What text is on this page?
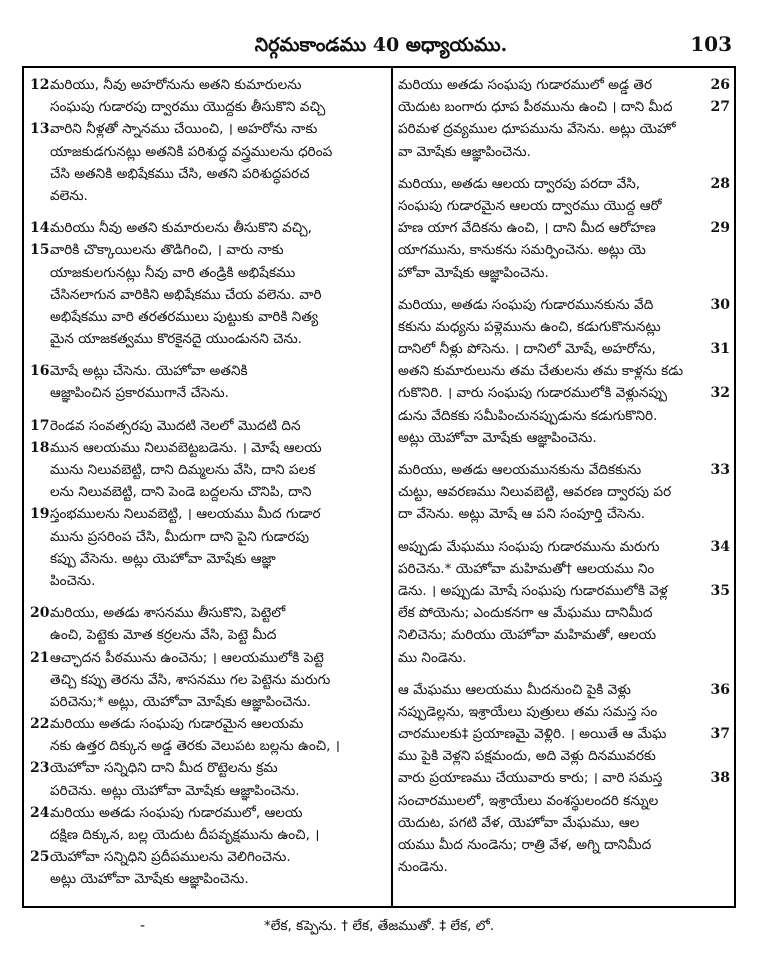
నిర్గమకాండము 40 అధ్యాయము.	103
12 మరియు, నీవు అహరోనును అతని కుమారులను
సంఘపు గుడారపు ద్వారము యొద్దకు తీసుకొని వచ్చి
13 వారిని నీళ్లతో స్నానము చేయించి, । అహరోను నాకు
యాజకుడగునట్లు అతనికి పరిశుద్ధ వస్త్రములను ధరింప
చేసి అతనికి అభిషేకము చేసి, అతని పరిశుద్ధపరచ
వలెను.
14 మరియు నీవు అతని కుమారులను తీసుకొని వచ్చి,
15 వారికి చొక్కాయిలను తొడిగించి, । వారు నాకు
యాజకులగునట్లు నీవు వారి తండ్రికి అభిషేకము
చేసినలాగున వారికిని అభిషేకము చేయ వలెను. వారి
అభిషేకము వారి తరతరములు పుట్టుకు వారికి నిత్య
మైన యాజకత్వము కొరకైనదై యుండునని చెను.
16 మోషే అట్లు చేసెను. యెహోవా అతనికి
ఆజ్ఞాపించిన ప్రకారముగానే చేసెను.
17 రెండవ సంవత్సరపు మొదటి నెలలో మొదటి దిన
18 మున ఆలయము నిలువబెట్టబడెను. । మోషే ఆలయ
మును నిలువబెట్టి, దాని దిమ్మలను వేసి, దాని పలక
లను నిలువబెట్టి, దాని పెండె బద్దలను చొనిపి, దాని
19 స్తంభములను నిలువబెట్టి, । ఆలయము మీద గుడార
మును ప్రసరింప చేసి, మీదుగా దాని పైని గుడారపు
కప్పు వేసెను. అట్లు యెహోవా మోషేకు ఆజ్ఞా
పించెను.
20 మరియు, అతడు శాసనము తీసుకొని, పెట్టెలో
ఉంచి, పెట్టెకు మోత కర్రలను వేసి, పెట్టె మీద
21 ఆచ్ఛాదన పీఠమును ఉంచెను; । ఆలయములోకి పెట్టె
తెచ్చి కప్పు తెరను వేసి, శాసనము గల పెట్టెను మరుగు
పరిచెను;* అట్లు, యెహోవా మోషేకు ఆజ్ఞాపించెను.
22 మరియు అతడు సంఘపు గుడారమైన ఆలయమ
నకు ఉత్తర దిక్కున అడ్డ తెరకు వెలుపట బల్లను ఉంచి, ।
23 యెహోవా సన్నిధిని దాని మీద రొట్టెలను క్రమ
పరిచెను. అట్లు యెహోవా మోషేకు ఆజ్ఞాపించెను.
24 మరియు అతడు సంఘపు గుడారములో, ఆలయ
దక్షిణ దిక్కున, బల్ల యెదుట దీపవృక్షమును ఉంచి, ।
25 యెహోవా సన్నిధిని ప్రదీపములను వెలిగించెను.
అట్లు యెహోవా మోషేకు ఆజ్ఞాపించెను.
26
మరియు అతడు సంఘపు గుడారములో అడ్డ తెర
27
యెదుట బంగారు ధూప పీఠమును ఉంచి । దాని మీద
పరిమళ ద్రవ్యముల ధూపమును వేసెను. అట్లు యెహో
వా మోషేకు ఆజ్ఞాపించెను.
28
మరియు, అతడు ఆలయ ద్వారపు పరదా వేసి,
సంఘపు గుడారమైన ఆలయ ద్వారము యొద్ద ఆరో
29
హణ యాగ వేదికను ఉంచి, । దాని మీద ఆరోహణ
యాగమును, కానుకను సమర్పించెను. అట్లు యె
హోవా మోషేకు ఆజ్ఞాపించెను.
30
మరియు, అతడు సంఘపు గుడారమునకును వేది
కకును మధ్యను పళ్లెమును ఉంచి, కడుగుకొనునట్లు
31
దానిలో నీళ్లు పోసెను. । దానిలో మోషే, అహరోను,
అతని కుమారులును తమ చేతులను తమ కాళ్లను కడు
32
గుకొనిరి. । వారు సంఘపు గుడారములోకి వెళ్లునప్పు
డును వేదికకు సమీపించునప్పుడును కడుగుకొనిరి.
అట్లు యెహోవా మోషేకు ఆజ్ఞాపించెను.
33
మరియు, అతడు ఆలయమునకును వేదికకును
చుట్టు, ఆవరణము నిలువబెట్టి, ఆవరణ ద్వారపు పర
దా వేసెను. అట్లు మోషే ఆ పని సంపూర్తి చేసెను.
34
అప్పుడు మేఘము సంఘపు గుడారమును మరుగు
పరిచెను.* యెహోవా మహిమతో† ఆలయము నిం
35
డెను. । అప్పుడు మోషే సంఘపు గుడారములోకి వెళ్ల
లేక పోయెను; ఎందుకనగా ఆ మేఘము దానిమీద
నిలిచెను; మరియు యెహోవా మహిమతో, ఆలయ
ము నిండెను.
36
ఆ మేఘము ఆలయము మీదనుంచి పైకి వెళ్లు
నప్పుడెల్లను, ఇశ్రాయేలు పుత్రులు తమ సమస్త సం
37
చారములకు‡ ప్రయాణమై వెళ్లిరి. । అయితే ఆ మేఘ
ము పైకి వెళ్లని పక్షమందు, అది వెళ్లు దినమువరకు
38
వారు ప్రయాణము చేయువారు కారు; । వారి సమస్త
సంచారములలో, ఇశ్రాయేలు వంశస్థులందరి కన్నుల
యెదుట, పగటి వేళ, యెహోవా మేఘము, ఆల
యము మీద నుండెను; రాత్రి వేళ, అగ్ని దానిమీద
నుండెను.
-	*లేక, కప్పెను. † లేక, తేజముతో. ‡ లేక, లో.
